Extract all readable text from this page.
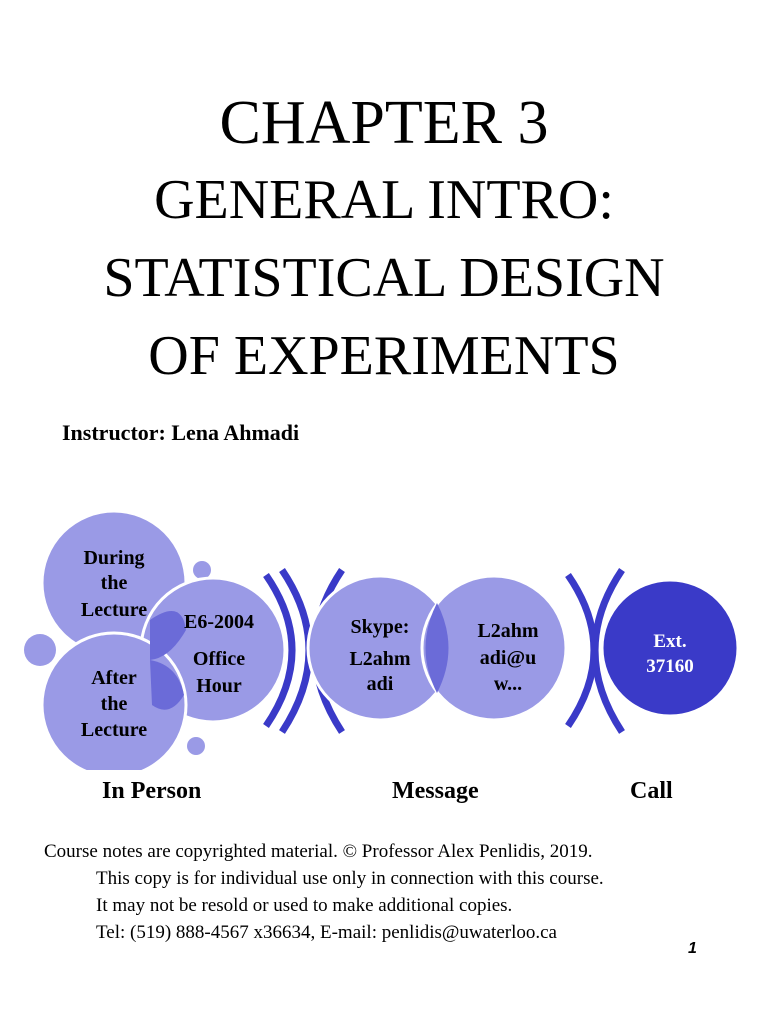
CHAPTER 3
GENERAL INTRO:
STATISTICAL DESIGN
OF EXPERIMENTS
Instructor: Lena Ahmadi
During
the
Lecture
E6-2004
Office
Hour
After
the
Lecture
Skype:
L2ahm
adi
L2ahm
adi@u
w...
Ext.
37160
In Person	Message	Call
Course notes are copyrighted material. © Professor Alex Penlidis, 2019.
This copy is for individual use only in connection with this course.
It may not be resold or used to make additional copies.
Tel: (519) 888-4567 x36634, E-mail: penlidis@uwaterloo.ca
1
